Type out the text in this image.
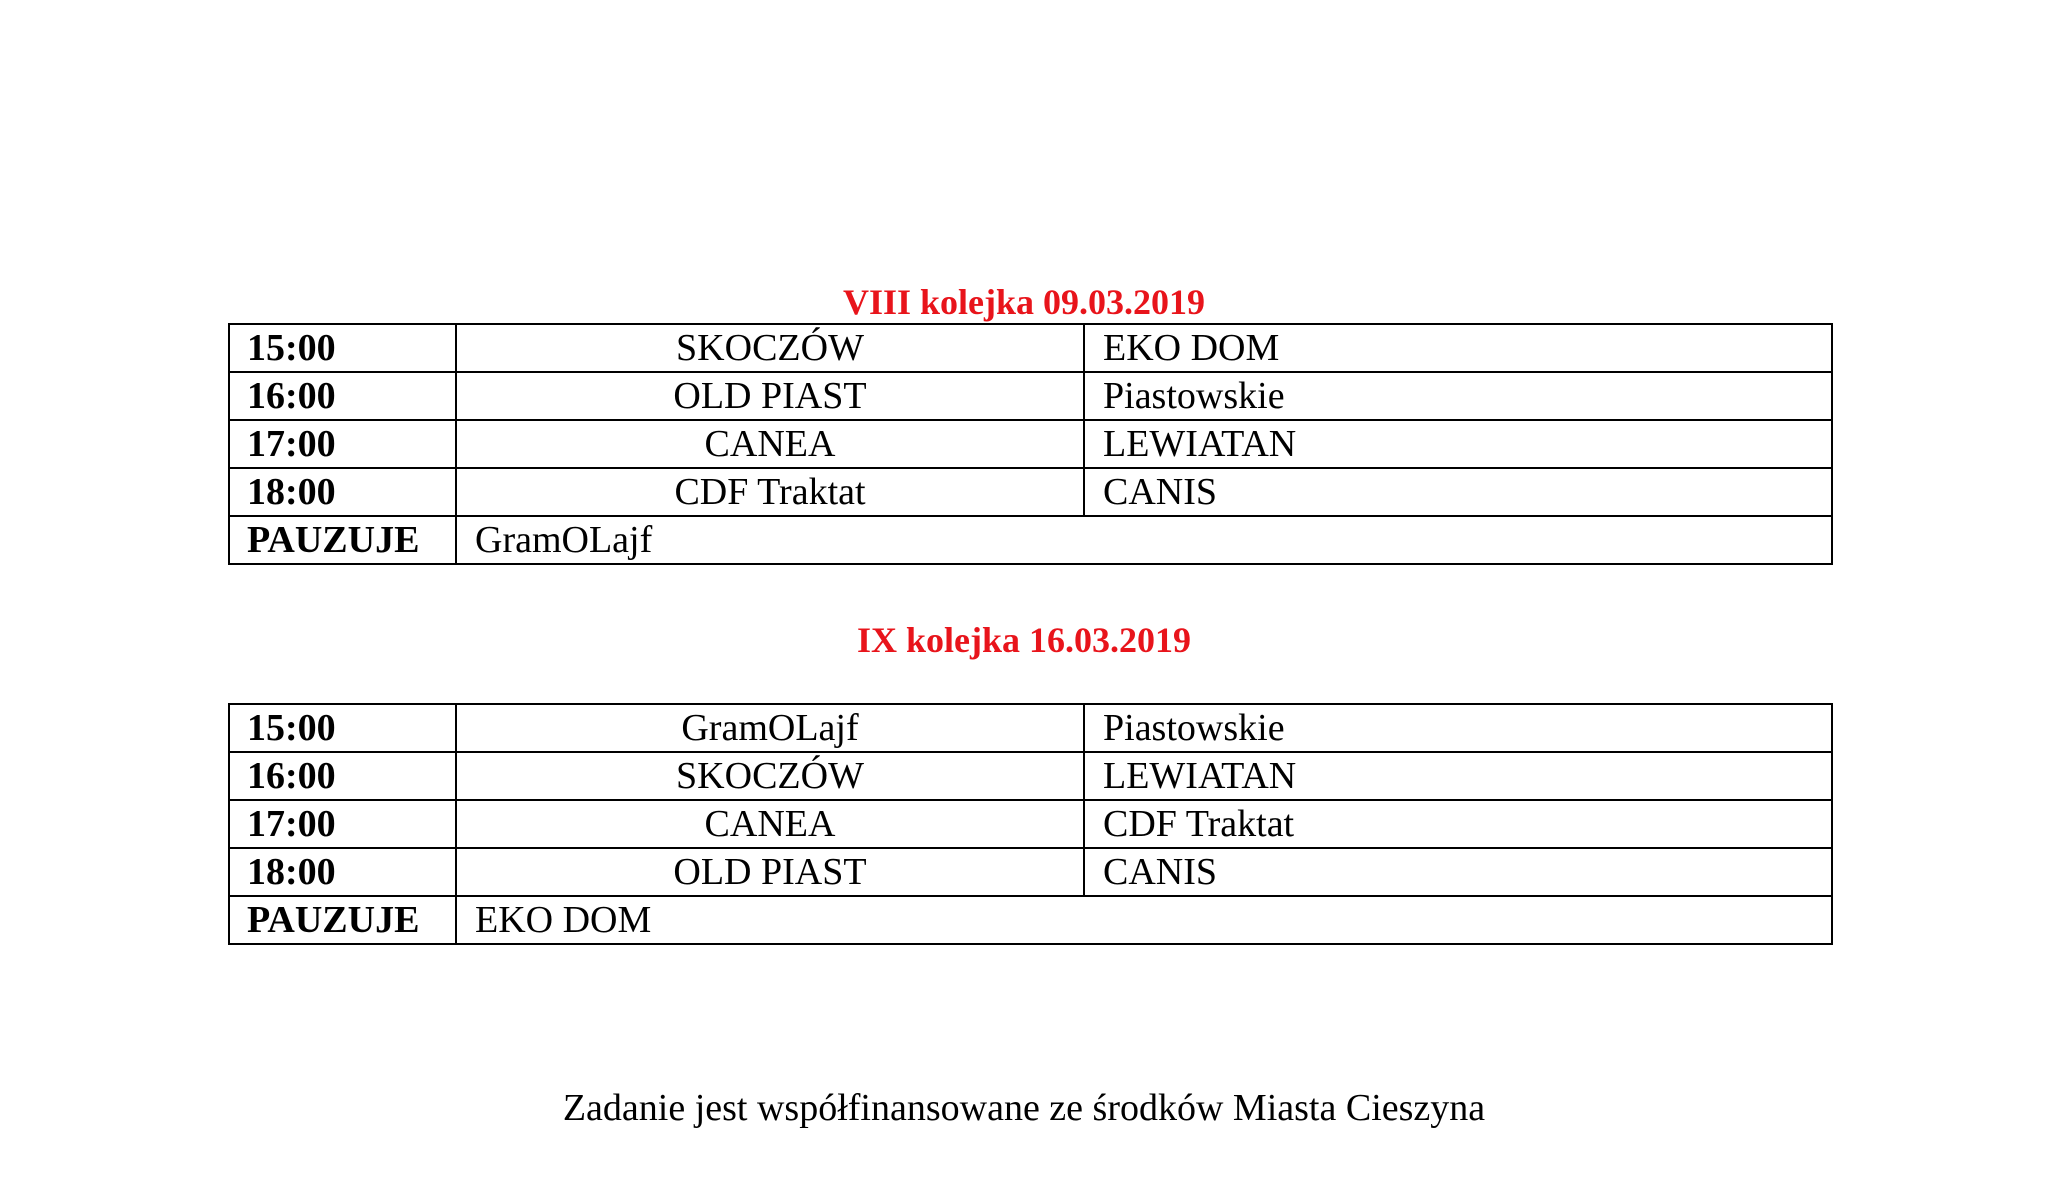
VIII kolejka 09.03.2019
15:00	SKOCZÓW	EKO DOM
16:00	OLD PIAST	Piastowskie
17:00	CANEA	LEWIATAN
18:00	CDF Traktat	CANIS
PAUZUJE	GramOLajf	
IX kolejka 16.03.2019
15:00	GramOLajf	Piastowskie
16:00	SKOCZÓW	LEWIATAN
17:00	CANEA	CDF Traktat
18:00	OLD PIAST	CANIS
PAUZUJE	EKO DOM	
Zadanie jest współfinansowane ze środków Miasta Cieszyna
